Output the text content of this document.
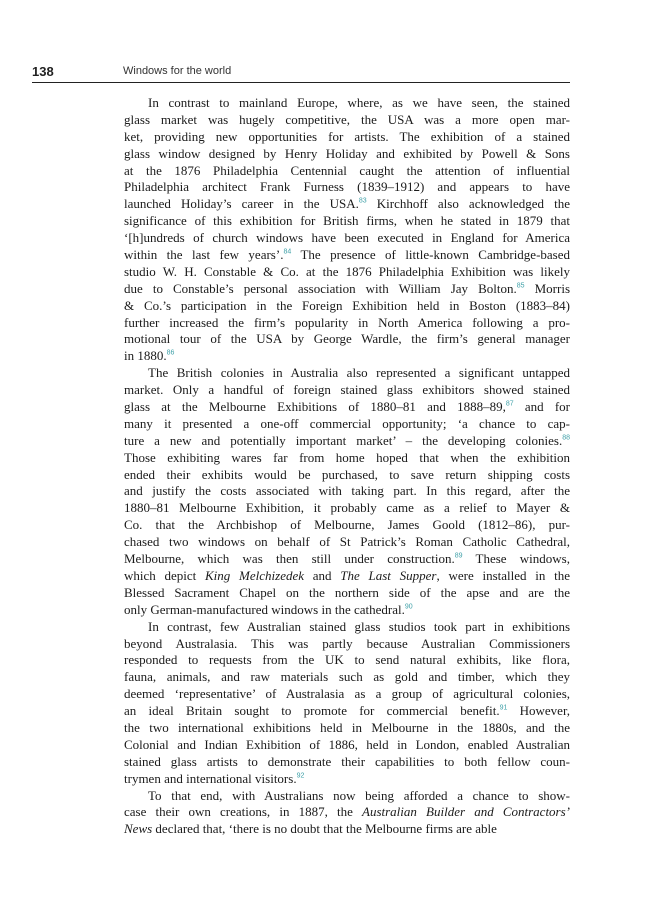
138	Windows for the world
In contrast to mainland Europe, where, as we have seen, the stained
glass market was hugely competitive, the USA was a more open mar-
ket, providing new opportunities for artists. The exhibition of a stained
glass window designed by Henry Holiday and exhibited by Powell & Sons
at the 1876 Philadelphia Centennial caught the attention of influential
Philadelphia architect Frank Furness (1839–1912) and appears to have
launched Holiday’s career in the USA.$^{83}$ Kirchhoff also acknowledged the
significance of this exhibition for British firms, when he stated in 1879 that
‘[h]undreds of church windows have been executed in England for America
within the last few years’.$^{84}$ The presence of little-known Cambridge-based
studio W. H. Constable & Co. at the 1876 Philadelphia Exhibition was likely
due to Constable’s personal association with William Jay Bolton.$^{85}$ Morris
& Co.’s participation in the Foreign Exhibition held in Boston (1883–84)
further increased the firm’s popularity in North America following a pro-
motional tour of the USA by George Wardle, the firm’s general manager
in 1880.86
The British colonies in Australia also represented a significant untapped
market. Only a handful of foreign stained glass exhibitors showed stained
glass at the Melbourne Exhibitions of 1880–81 and 1888–89,87 and for
many it presented a one-off commercial opportunity; ‘a chance to cap-
ture a new and potentially important market’ – the developing colonies.$^{88}$
Those exhibiting wares far from home hoped that when the exhibition
ended their exhibits would be purchased, to save return shipping costs
and justify the costs associated with taking part. In this regard, after the
1880–81 Melbourne Exhibition, it probably came as a relief to Mayer &
Co. that the Archbishop of Melbourne, James Goold (1812–86), pur-
chased two windows on behalf of St Patrick’s Roman Catholic Cathedral,
Melbourne, which was then still under construction.$^{89}$ These windows,
which depict King Melchizedek and The Last Supper, were installed in the
Blessed Sacrament Chapel on the northern side of the apse and are the
only German-manufactured windows in the cathedral.$^{90}$
In contrast, few Australian stained glass studios took part in exhibitions
beyond Australasia. This was partly because Australian Commissioners
responded to requests from the UK to send natural exhibits, like flora,
fauna, animals, and raw materials such as gold and timber, which they
deemed ‘representative’ of Australasia as a group of agricultural colonies,
an ideal Britain sought to promote for commercial benefit.$^{91}$ However,
the two international exhibitions held in Melbourne in the 1880s, and the
Colonial and Indian Exhibition of 1886, held in London, enabled Australian
stained glass artists to demonstrate their capabilities to both fellow coun-
trymen and international visitors.$^{92}$
To that end, with Australians now being afforded a chance to show-
case their own creations, in 1887, the Australian Builder and Contractors’
News declared that, ‘there is no doubt that the Melbourne firms are able
